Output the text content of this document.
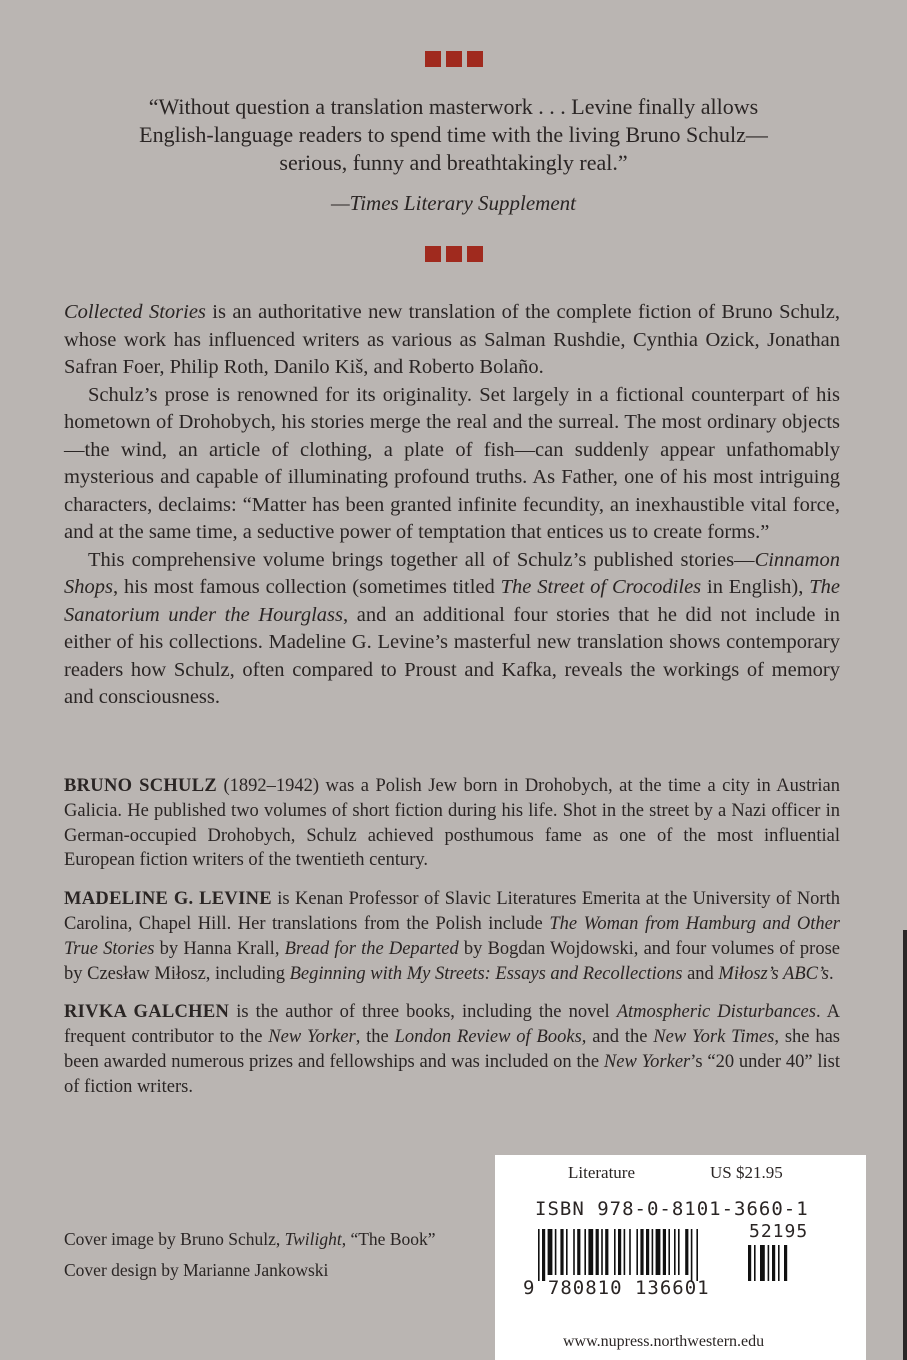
“Without question a translation masterwork . . . Levine finally allows English-language readers to spend time with the living Bruno Schulz—serious, funny and breathtakingly real.”
—Times Literary Supplement

Collected Stories is an authoritative new translation of the complete fiction of Bruno Schulz, whose work has influenced writers as various as Salman Rushdie, Cynthia Ozick, Jonathan Safran Foer, Philip Roth, Danilo Kiš, and Roberto Bolaño.

Schulz’s prose is renowned for its originality. Set largely in a fictional counterpart of his hometown of Drohobych, his stories merge the real and the surreal. The most ordinary objects—the wind, an article of clothing, a plate of fish—can suddenly appear unfathomably mysterious and capable of illuminating profound truths. As Father, one of his most intriguing characters, declaims: “Matter has been granted infinite fecundity, an inexhaustible vital force, and at the same time, a seductive power of temptation that entices us to create forms.”

This comprehensive volume brings together all of Schulz’s published stories—Cinnamon Shops, his most famous collection (sometimes titled The Street of Crocodiles in English), The Sanatorium under the Hourglass, and an additional four stories that he did not include in either of his collections. Madeline G. Levine’s masterful new translation shows contemporary readers how Schulz, often compared to Proust and Kafka, reveals the workings of memory and consciousness.

BRUNO SCHULZ (1892–1942) was a Polish Jew born in Drohobych, at the time a city in Austrian Galicia. He published two volumes of short fiction during his life. Shot in the street by a Nazi officer in German-occupied Drohobych, Schulz achieved posthumous fame as one of the most influential European fiction writers of the twentieth century.

MADELINE G. LEVINE is Kenan Professor of Slavic Literatures Emerita at the University of North Carolina, Chapel Hill. Her translations from the Polish include The Woman from Hamburg and Other True Stories by Hanna Krall, Bread for the Departed by Bogdan Wojdowski, and four volumes of prose by Czesław Miłosz, including Beginning with My Streets: Essays and Recollections and Miłosz’s ABC’s.

RIVKA GALCHEN is the author of three books, including the novel Atmospheric Disturbances. A frequent contributor to the New Yorker, the London Review of Books, and the New York Times, she has been awarded numerous prizes and fellowships and was included on the New Yorker’s “20 under 40” list of fiction writers.

Cover image by Bruno Schulz, Twilight, “The Book”
Cover design by Marianne Jankowski
Literature	US $21.95
ISBN 978-0-8101-3660-1
52195
9 780810 136601
www.nupress.northwestern.edu
